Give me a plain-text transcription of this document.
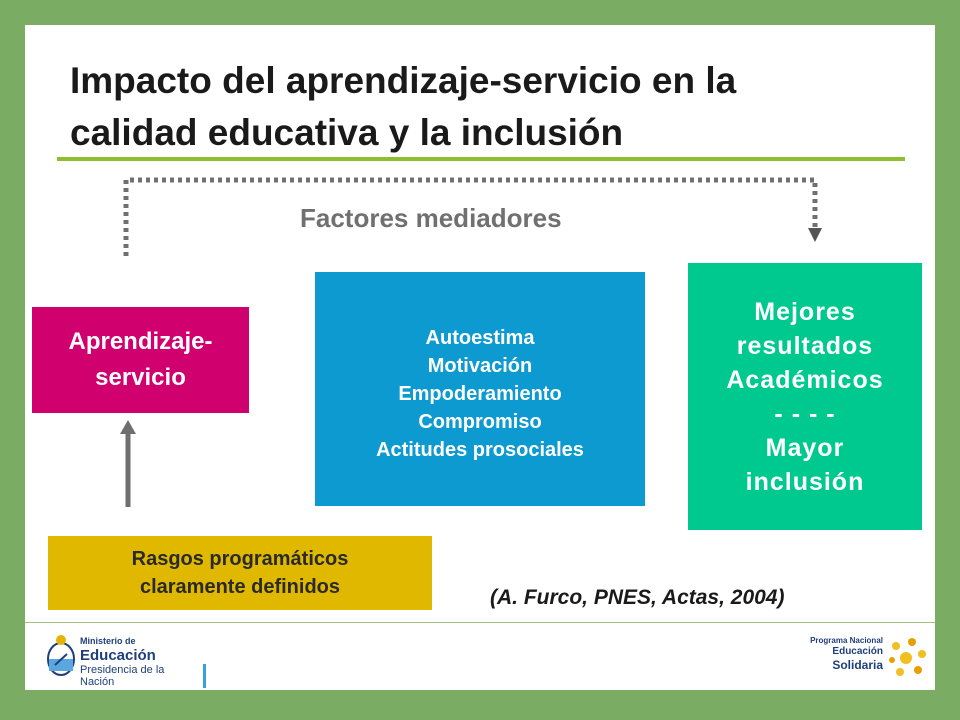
Impacto del aprendizaje-servicio en la calidad educativa y la inclusión
Factores mediadores
Aprendizaje-
servicio
Autoestima
Motivación
Empoderamiento
Compromiso
Actitudes prosociales
Mejores
resultados
Académicos
- - - -
Mayor
inclusión
Rasgos programáticos
claramente definidos	(A. Furco, PNES, Actas, 2004)
Ministerio de
Educación
Presidencia de la Nación
Programa Nacional
Educación
Solidaria
